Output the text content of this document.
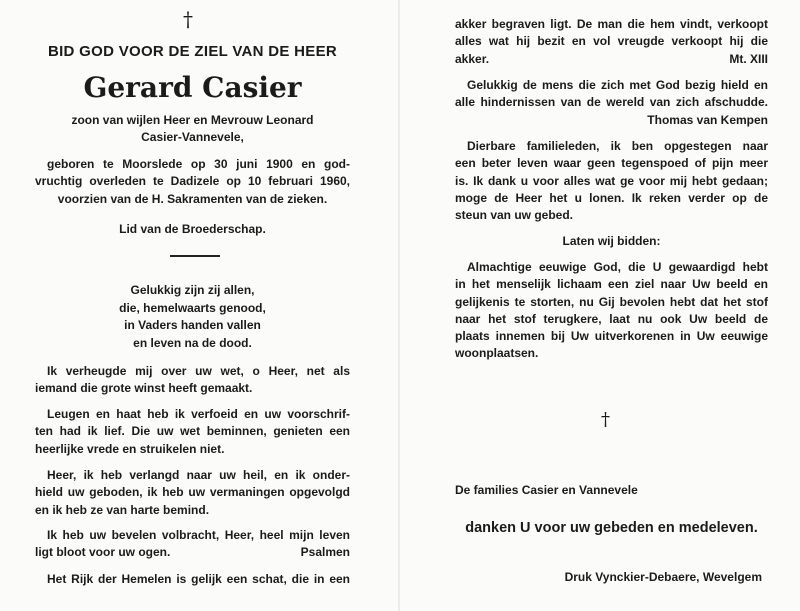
†
BID GOD VOOR DE ZIEL VAN DE HEER
Gerard Casier
zoon van wijlen Heer en Mevrouw Leonard
Casier-Vannevele,
geboren te Moorslede op 30 juni 1900 en god-
vruchtig overleden te Dadizele op 10 februari 1960,
voorzien van de H. Sakramenten van de zieken.
Lid van de Broederschap.
Gelukkig zijn zij allen,
die, hemelwaarts genood,
in Vaders handen vallen
en leven na de dood.
Ik verheugde mij over uw wet, o Heer, net als
iemand die grote winst heeft gemaakt.
Leugen en haat heb ik verfoeid en uw voorschrif-
ten had ik lief. Die uw wet beminnen, genieten een
heerlijke vrede en struikelen niet.
Heer, ik heb verlangd naar uw heil, en ik onder-
hield uw geboden, ik heb uw vermaningen opgevolgd
en ik heb ze van harte bemind.
Ik heb uw bevelen volbracht, Heer, heel mijn leven
ligt bloot voor uw ogen.	Psalmen
Het Rijk der Hemelen is gelijk een schat, die in een
akker begraven ligt. De man die hem vindt, verkoopt
alles wat hij bezit en vol vreugde verkoopt hij die
akker.	Mt. XIII
Gelukkig de mens die zich met God bezig hield en
alle hindernissen van de wereld van zich afschudde.
Thomas van Kempen
Dierbare familieleden, ik ben opgestegen naar
een beter leven waar geen tegenspoed of pijn meer
is. Ik dank u voor alles wat ge voor mij hebt gedaan;
moge de Heer het u lonen. Ik reken verder op de
steun van uw gebed.
Laten wij bidden:
Almachtige eeuwige God, die U gewaardigd hebt
in het menselijk lichaam een ziel naar Uw beeld en
gelijkenis te storten, nu Gij bevolen hebt dat het stof
naar het stof terugkere, laat nu ook Uw beeld de
plaats innemen bij Uw uitverkorenen in Uw eeuwige
woonplaatsen.
†
De families Casier en Vannevele
danken U voor uw gebeden en medeleven.
Druk Vynckier-Debaere, Wevelgem
